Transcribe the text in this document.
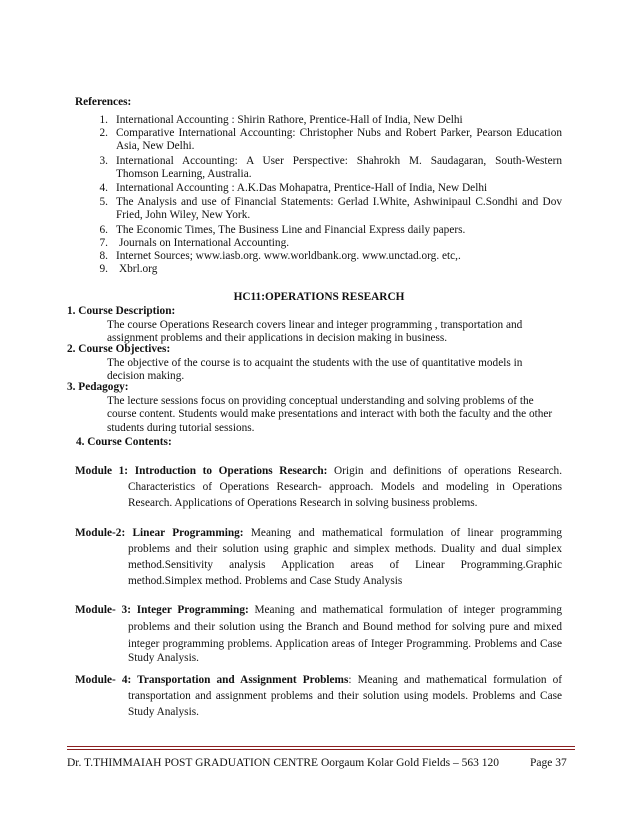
References:
1. International Accounting : Shirin Rathore, Prentice-Hall of India, New Delhi
2. Comparative International Accounting: Christopher Nubs and Robert Parker, Pearson Education
Asia, New Delhi.
3. International Accounting: A User Perspective: Shahrokh M. Saudagaran, South-Western
Thomson Learning, Australia.
4. International Accounting : A.K.Das Mohapatra, Prentice-Hall of India, New Delhi
5. The Analysis and use of Financial Statements: Gerlad I.White, Ashwinipaul C.Sondhi and Dov
Fried, John Wiley, New York.
6. The Economic Times, The Business Line and Financial Express daily papers.
7. Journals on International Accounting.
8. Internet Sources; www.iasb.org. www.worldbank.org. www.unctad.org. etc,.
9. Xbrl.org
HC11:OPERATIONS RESEARCH
1. Course Description:
The course Operations Research covers linear and integer programming , transportation and
assignment problems and their applications in decision making in business.
2. Course Objectives:
The objective of the course is to acquaint the students with the use of quantitative models in
decision making.
3. Pedagogy:
The lecture sessions focus on providing conceptual understanding and solving problems of the
course content. Students would make presentations and interact with both the faculty and the other
students during tutorial sessions.
4. Course Contents:
Module 1: Introduction to Operations Research: Origin and definitions of operations Research.
Characteristics of Operations Research- approach. Models and modeling in Operations
Research. Applications of Operations Research in solving business problems.
Module-2: Linear Programming: Meaning and mathematical formulation of linear programming
problems and their solution using graphic and simplex methods. Duality and dual simplex
method.Sensitivity analysis Application areas of Linear Programming.Graphic
method.Simplex method. Problems and Case Study Analysis
Module- 3: Integer Programming: Meaning and mathematical formulation of integer programming
problems and their solution using the Branch and Bound method for solving pure and mixed
integer programming problems. Application areas of Integer Programming. Problems and Case
Study Analysis.
Module- 4: Transportation and Assignment Problems: Meaning and mathematical formulation of
transportation and assignment problems and their solution using models. Problems and Case
Study Analysis.
Dr. T.THIMMAIAH POST GRADUATION CENTRE Oorgaum Kolar Gold Fields – 563 120	Page 37
